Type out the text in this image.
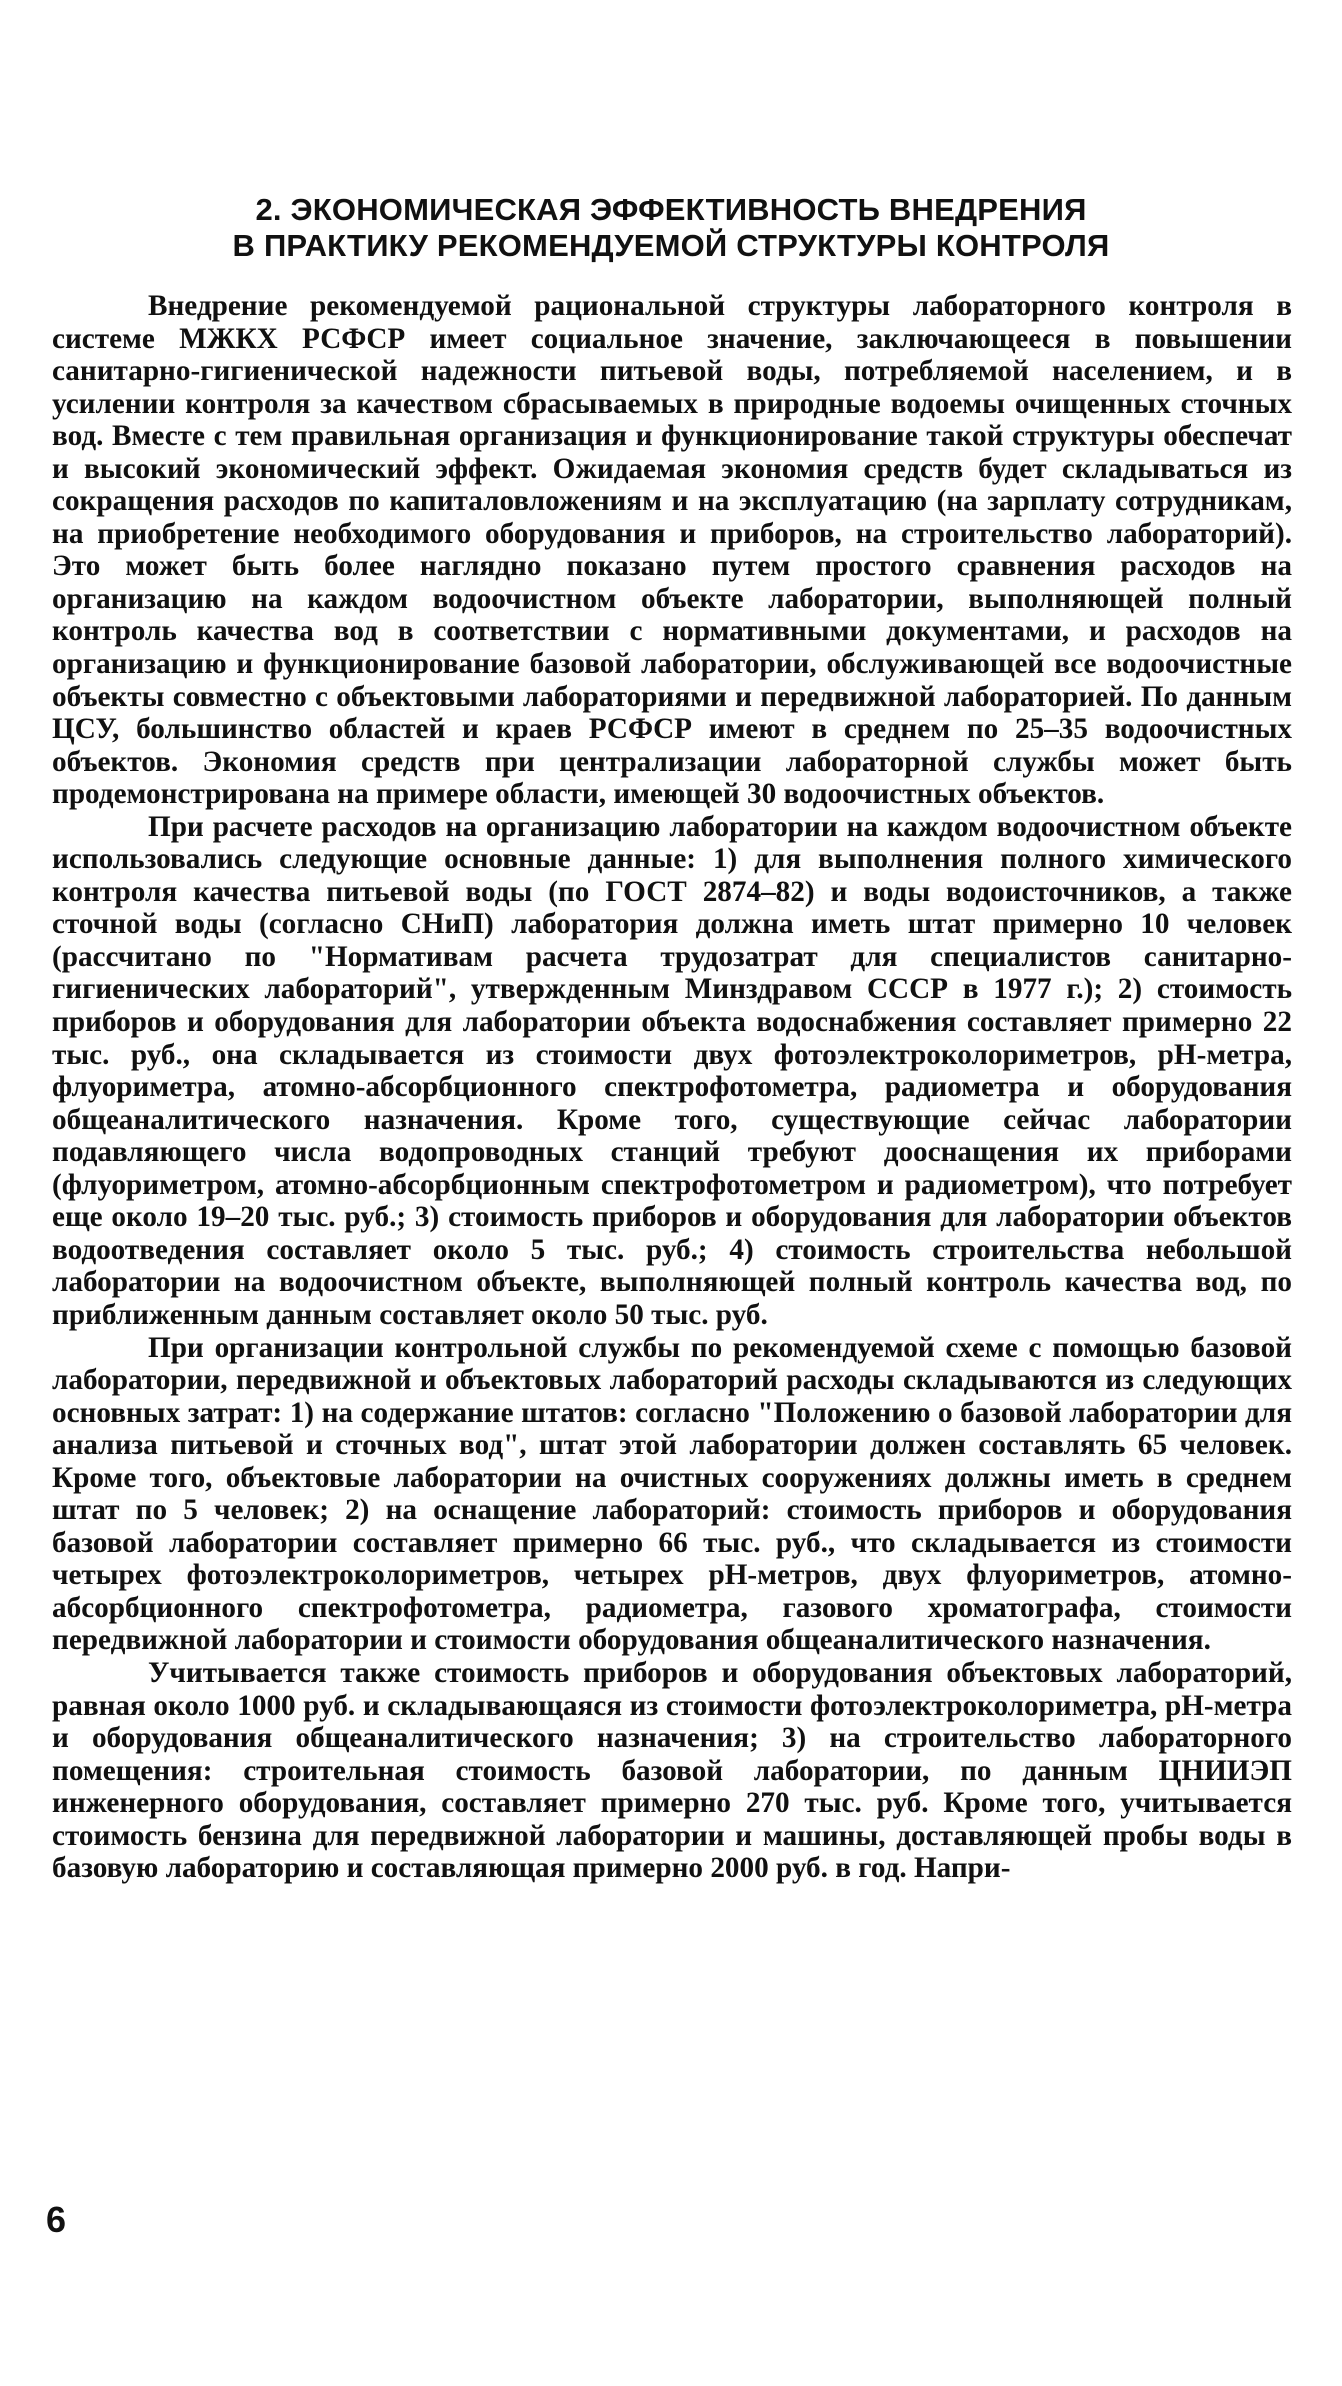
2. ЭКОНОМИЧЕСКАЯ ЭФФЕКТИВНОСТЬ ВНЕДРЕНИЯ
В ПРАКТИКУ РЕКОМЕНДУЕМОЙ СТРУКТУРЫ КОНТРОЛЯ

Внедрение рекомендуемой рациональной структуры лабораторного контроля в системе МЖКХ РСФСР имеет социальное значение, заключающееся в повышении санитарно-гигиенической надежности питьевой воды, потребляемой населением, и в усилении контроля за качеством сбрасываемых в природные водоемы очищенных сточных вод. Вместе с тем правильная организация и функционирование такой структуры обеспечат и высокий экономический эффект. Ожидаемая экономия средств будет складываться из сокращения расходов по капиталовложениям и на эксплуатацию (на зарплату сотрудникам, на приобретение необходимого оборудования и приборов, на строительство лабораторий). Это может быть более наглядно показано путем простого сравнения расходов на организацию на каждом водоочистном объекте лаборатории, выполняющей полный контроль качества вод в соответствии с нормативными документами, и расходов на организацию и функционирование базовой лаборатории, обслуживающей все водоочистные объекты совместно с объектовыми лабораториями и передвижной лабораторией. По данным ЦСУ, большинство областей и краев РСФСР имеют в среднем по 25–35 водоочистных объектов. Экономия средств при централизации лабораторной службы может быть продемонстрирована на примере области, имеющей 30 водоочистных объектов.

При расчете расходов на организацию лаборатории на каждом водоочистном объекте использовались следующие основные данные: 1) для выполнения полного химического контроля качества питьевой воды (по ГОСТ 2874–82) и воды водоисточников, а также сточной воды (согласно СНиП) лаборатория должна иметь штат примерно 10 человек (рассчитано по "Нормативам расчета трудозатрат для специалистов санитарно-гигиенических лабораторий", утвержденным Минздравом СССР в 1977 г.); 2) стоимость приборов и оборудования для лаборатории объекта водоснабжения составляет примерно 22 тыс. руб., она складывается из стоимости двух фотоэлектроколориметров, pH-метра, флуориметра, атомно-абсорбционного спектрофотометра, радиометра и оборудования общеаналитического назначения. Кроме того, существующие сейчас лаборатории подавляющего числа водопроводных станций требуют дооснащения их приборами (флуориметром, атомно-абсорбционным спектрофотометром и радиометром), что потребует еще около 19–20 тыс. руб.; 3) стоимость приборов и оборудования для лаборатории объектов водоотведения составляет около 5 тыс. руб.; 4) стоимость строительства небольшой лаборатории на водоочистном объекте, выполняющей полный контроль качества вод, по приближенным данным составляет около 50 тыс. руб.

При организации контрольной службы по рекомендуемой схеме с помощью базовой лаборатории, передвижной и объектовых лабораторий расходы складываются из следующих основных затрат: 1) на содержание штатов: согласно "Положению о базовой лаборатории для анализа питьевой и сточных вод", штат этой лаборатории должен составлять 65 человек. Кроме того, объектовые лаборатории на очистных сооружениях должны иметь в среднем штат по 5 человек; 2) на оснащение лабораторий: стоимость приборов и оборудования базовой лаборатории составляет примерно 66 тыс. руб., что складывается из стоимости четырех фотоэлектроколориметров, четырех pH-метров, двух флуориметров, атомно-абсорбционного спектрофотометра, радиометра, газового хроматографа, стоимости передвижной лаборатории и стоимости оборудования общеаналитического назначения.

Учитывается также стоимость приборов и оборудования объектовых лабораторий, равная около 1000 руб. и складывающаяся из стоимости фотоэлектроколориметра, pH-метра и оборудования общеаналитического назначения; 3) на строительство лабораторного помещения: строительная стоимость базовой лаборатории, по данным ЦНИИЭП инженерного оборудования, составляет примерно 270 тыс. руб. Кроме того, учитывается стоимость бензина для передвижной лаборатории и машины, доставляющей пробы воды в базовую лабораторию и составляющая примерно 2000 руб. в год. Напри-

6
